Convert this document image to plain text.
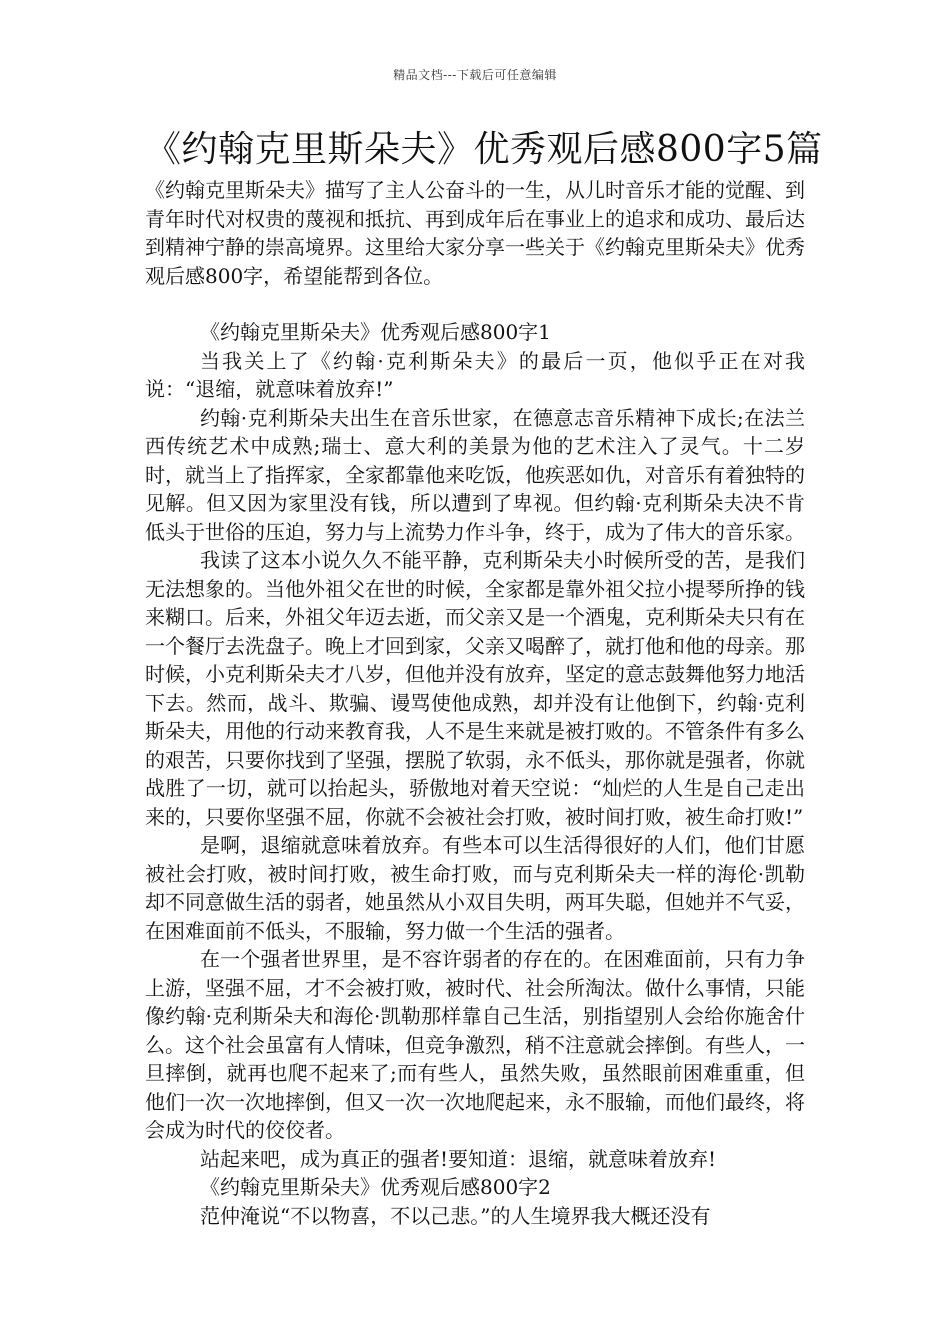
精品文档---下载后可任意编辑
《约翰克里斯朵夫》优秀观后感800字5篇

《约翰克里斯朵夫》描写了主人公奋斗的一生，从儿时音乐才能的觉醒、到青年时代对权贵的蔑视和抵抗、再到成年后在事业上的追求和成功、最后达到精神宁静的崇高境界。这里给大家分享一些关于《约翰克里斯朵夫》优秀观后感800字，希望能帮到各位。

《约翰克里斯朵夫》优秀观后感800字1

当我关上了《约翰·克利斯朵夫》的最后一页，他似乎正在对我说：“退缩，就意味着放弃!”

约翰·克利斯朵夫出生在音乐世家，在德意志音乐精神下成长;在法兰西传统艺术中成熟;瑞士、意大利的美景为他的艺术注入了灵气。十二岁时，就当上了指挥家，全家都靠他来吃饭，他疾恶如仇，对音乐有着独特的见解。但又因为家里没有钱，所以遭到了卑视。但约翰·克利斯朵夫决不肯低头于世俗的压迫，努力与上流势力作斗争，终于，成为了伟大的音乐家。

我读了这本小说久久不能平静，克利斯朵夫小时候所受的苦，是我们无法想象的。当他外祖父在世的时候，全家都是靠外祖父拉小提琴所挣的钱来糊口。后来，外祖父年迈去逝，而父亲又是一个酒鬼，克利斯朵夫只有在一个餐厅去洗盘子。晚上才回到家，父亲又喝醉了，就打他和他的母亲。那时候，小克利斯朵夫才八岁，但他并没有放弃，坚定的意志鼓舞他努力地活下去。然而，战斗、欺骗、谩骂使他成熟，却并没有让他倒下，约翰·克利斯朵夫，用他的行动来教育我，人不是生来就是被打败的。不管条件有多么的艰苦，只要你找到了坚强，摆脱了软弱，永不低头，那你就是强者，你就战胜了一切，就可以抬起头，骄傲地对着天空说：“灿烂的人生是自己走出来的，只要你坚强不屈，你就不会被社会打败，被时间打败，被生命打败!”

是啊，退缩就意味着放弃。有些本可以生活得很好的人们，他们甘愿被社会打败，被时间打败，被生命打败，而与克利斯朵夫一样的海伦·凯勒却不同意做生活的弱者，她虽然从小双目失明，两耳失聪，但她并不气妥，在困难面前不低头，不服输，努力做一个生活的强者。

在一个强者世界里，是不容许弱者的存在的。在困难面前，只有力争上游，坚强不屈，才不会被打败，被时代、社会所淘汰。做什么事情，只能像约翰·克利斯朵夫和海伦·凯勒那样靠自己生活，别指望别人会给你施舍什么。这个社会虽富有人情味，但竞争激烈，稍不注意就会摔倒。有些人，一旦摔倒，就再也爬不起来了;而有些人，虽然失败，虽然眼前困难重重，但他们一次一次地摔倒，但又一次一次地爬起来，永不服输，而他们最终，将会成为时代的佼佼者。

站起来吧，成为真正的强者!要知道：退缩，就意味着放弃!

《约翰克里斯朵夫》优秀观后感800字2

范仲淹说“不以物喜，不以己悲。”的人生境界我大概还没有
